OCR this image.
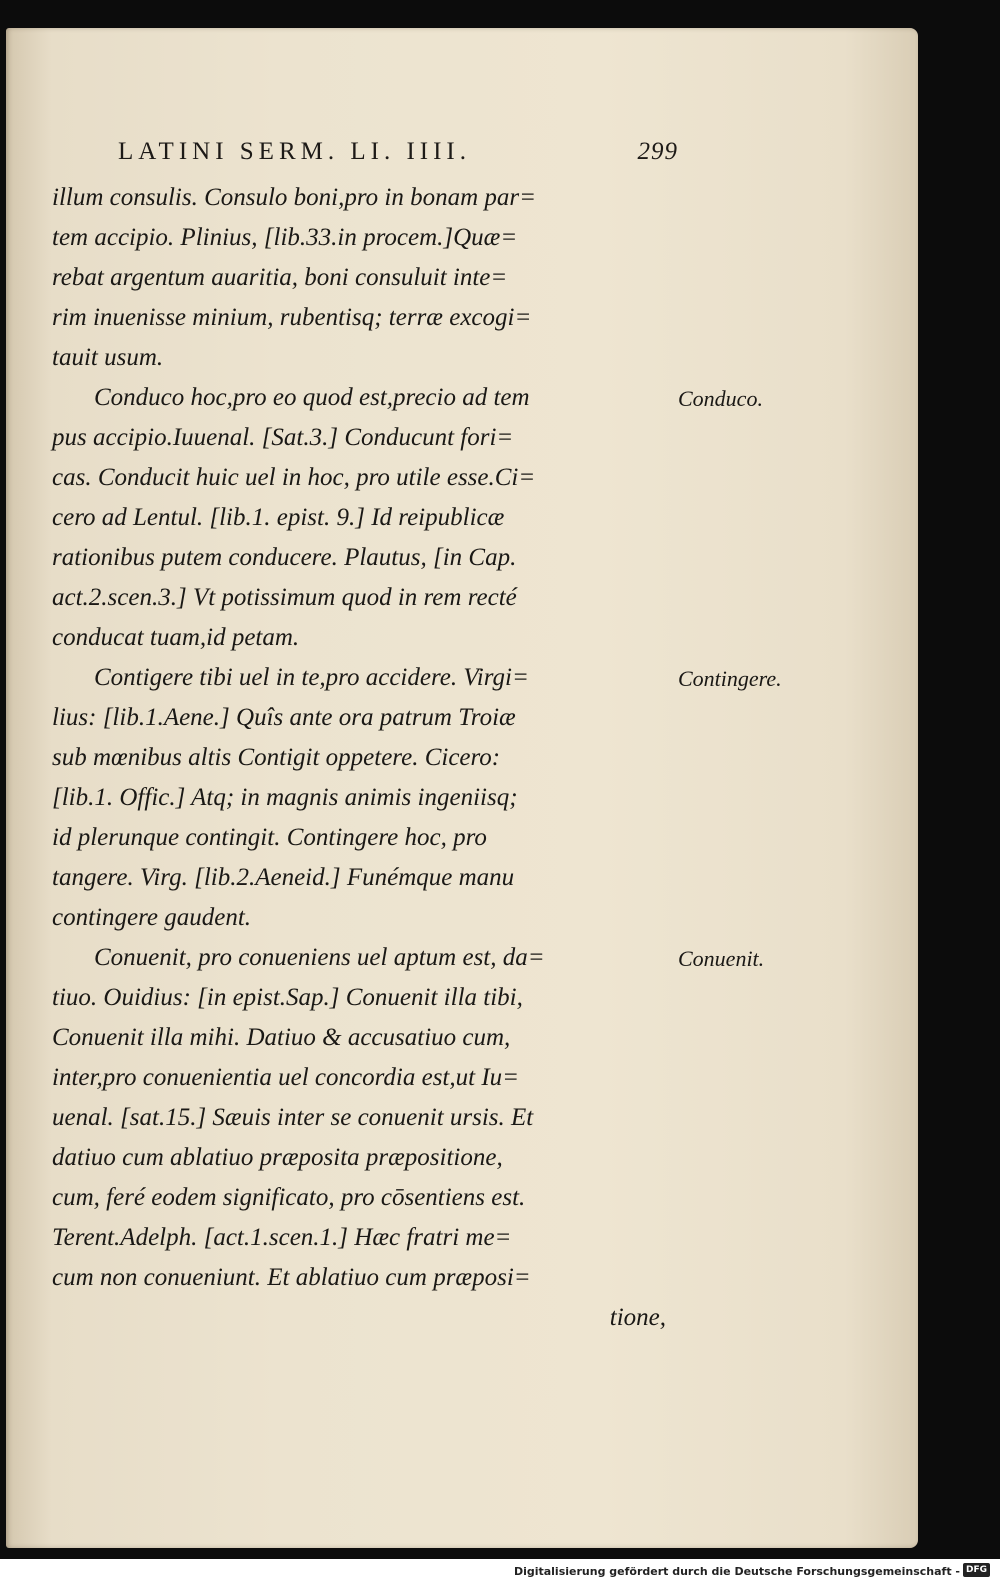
LATINI SERM. LI. IIII.	299
illum consulis. Consulo boni,pro in bonam par=
tem accipio. Plinius, [lib.33.in procem.]Quæ=
rebat argentum auaritia, boni consuluit inte=
rim inuenisse minium, rubentisq; terræ excogi=
tauit usum.
Conduco hoc,pro eo quod est,precio ad tem
pus accipio.Iuuenal. [Sat.3.] Conducunt fori=
cas. Conducit huic uel in hoc, pro utile esse.Ci=
cero ad Lentul. [lib.1. epist. 9.] Id reipublicæ
rationibus putem conducere. Plautus, [in Cap.
act.2.scen.3.] Vt potissimum quod in rem recté
conducat tuam,id petam.
Contigere tibi uel in te,pro accidere. Virgi=
lius: [lib.1.Aene.] Quîs ante ora patrum Troiæ
sub mœnibus altis Contigit oppetere. Cicero:
[lib.1. Offic.] Atq; in magnis animis ingeniisq;
id plerunque contingit. Contingere hoc, pro
tangere. Virg. [lib.2.Aeneid.] Funémque manu
contingere gaudent.
Conuenit, pro conueniens uel aptum est, da=
tiuo. Ouidius: [in epist.Sap.] Conuenit illa tibi,
Conuenit illa mihi. Datiuo & accusatiuo cum,
inter,pro conuenientia uel concordia est,ut Iu=
uenal. [sat.15.] Sæuis inter se conuenit ursis. Et
datiuo cum ablatiuo præposita præpositione,
cum, feré eodem significato, pro cōsentiens est.
Terent.Adelph. [act.1.scen.1.] Hæc fratri me=
cum non conueniunt. Et ablatiuo cum præposi=
tione,
Conduco.
Contingere.
Conuenit.
Digitalisierung gefördert durch die Deutsche Forschungsgemeinschaft - DFG
